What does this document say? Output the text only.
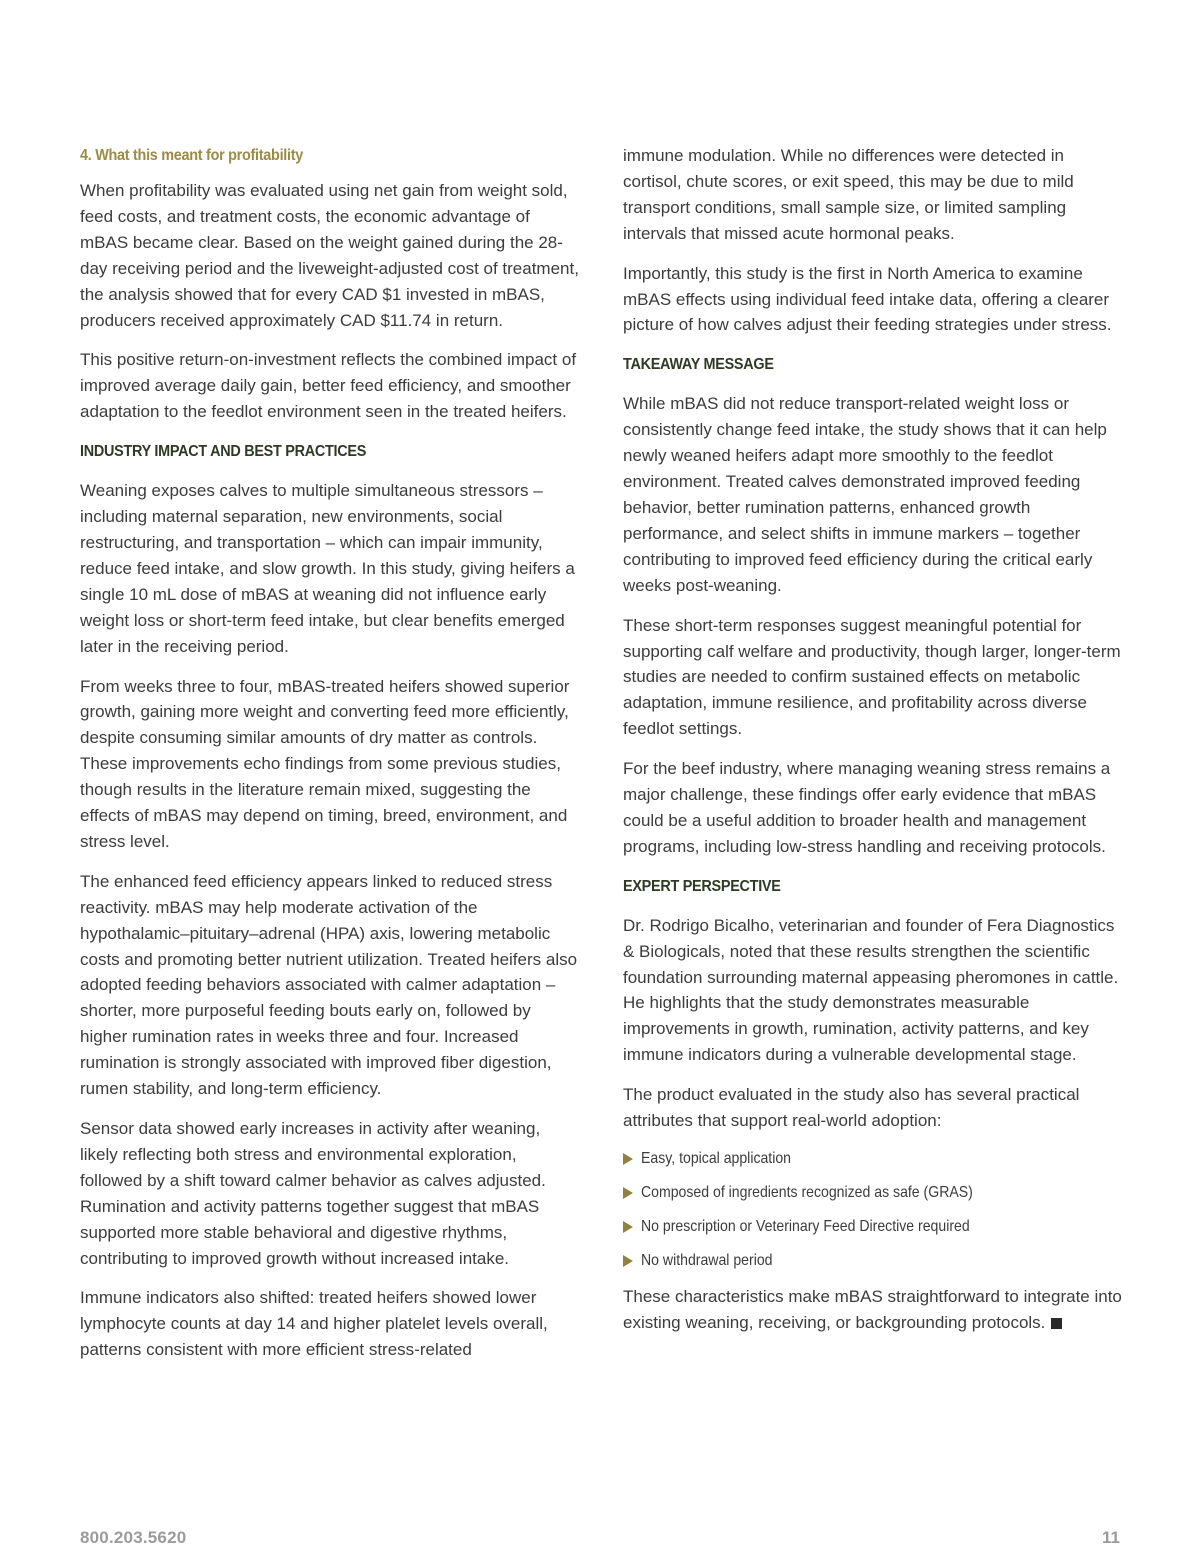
4. What this meant for profitability

When profitability was evaluated using net gain from weight sold, feed costs, and treatment costs, the economic advantage of mBAS became clear. Based on the weight gained during the 28-day receiving period and the liveweight-adjusted cost of treatment, the analysis showed that for every CAD $1 invested in mBAS, producers received approximately CAD $11.74 in return.

This positive return-on-investment reflects the combined impact of improved average daily gain, better feed efficiency, and smoother adaptation to the feedlot environment seen in the treated heifers.

INDUSTRY IMPACT AND BEST PRACTICES

Weaning exposes calves to multiple simultaneous stressors – including maternal separation, new environments, social restructuring, and transportation – which can impair immunity, reduce feed intake, and slow growth. In this study, giving heifers a single 10 mL dose of mBAS at weaning did not influence early weight loss or short-term feed intake, but clear benefits emerged later in the receiving period.

From weeks three to four, mBAS-treated heifers showed superior growth, gaining more weight and converting feed more efficiently, despite consuming similar amounts of dry matter as controls. These improvements echo findings from some previous studies, though results in the literature remain mixed, suggesting the effects of mBAS may depend on timing, breed, environment, and stress level.

The enhanced feed efficiency appears linked to reduced stress reactivity. mBAS may help moderate activation of the hypothalamic–pituitary–adrenal (HPA) axis, lowering metabolic costs and promoting better nutrient utilization. Treated heifers also adopted feeding behaviors associated with calmer adaptation – shorter, more purposeful feeding bouts early on, followed by higher rumination rates in weeks three and four. Increased rumination is strongly associated with improved fiber digestion, rumen stability, and long-term efficiency.

Sensor data showed early increases in activity after weaning, likely reflecting both stress and environmental exploration, followed by a shift toward calmer behavior as calves adjusted. Rumination and activity patterns together suggest that mBAS supported more stable behavioral and digestive rhythms, contributing to improved growth without increased intake.

Immune indicators also shifted: treated heifers showed lower lymphocyte counts at day 14 and higher platelet levels overall, patterns consistent with more efficient stress-related

immune modulation. While no differences were detected in cortisol, chute scores, or exit speed, this may be due to mild transport conditions, small sample size, or limited sampling intervals that missed acute hormonal peaks.

Importantly, this study is the first in North America to examine mBAS effects using individual feed intake data, offering a clearer picture of how calves adjust their feeding strategies under stress.

TAKEAWAY MESSAGE

While mBAS did not reduce transport-related weight loss or consistently change feed intake, the study shows that it can help newly weaned heifers adapt more smoothly to the feedlot environment. Treated calves demonstrated improved feeding behavior, better rumination patterns, enhanced growth performance, and select shifts in immune markers – together contributing to improved feed efficiency during the critical early weeks post-weaning.

These short-term responses suggest meaningful potential for supporting calf welfare and productivity, though larger, longer-term studies are needed to confirm sustained effects on metabolic adaptation, immune resilience, and profitability across diverse feedlot settings.

For the beef industry, where managing weaning stress remains a major challenge, these findings offer early evidence that mBAS could be a useful addition to broader health and management programs, including low-stress handling and receiving protocols.

EXPERT PERSPECTIVE

Dr. Rodrigo Bicalho, veterinarian and founder of Fera Diagnostics & Biologicals, noted that these results strengthen the scientific foundation surrounding maternal appeasing pheromones in cattle. He highlights that the study demonstrates measurable improvements in growth, rumination, activity patterns, and key immune indicators during a vulnerable developmental stage.

The product evaluated in the study also has several practical attributes that support real-world adoption:

Easy, topical application
Composed of ingredients recognized as safe (GRAS)
No prescription or Veterinary Feed Directive required
No withdrawal period

These characteristics make mBAS straightforward to integrate into existing weaning, receiving, or backgrounding protocols.

800.203.5620	11
